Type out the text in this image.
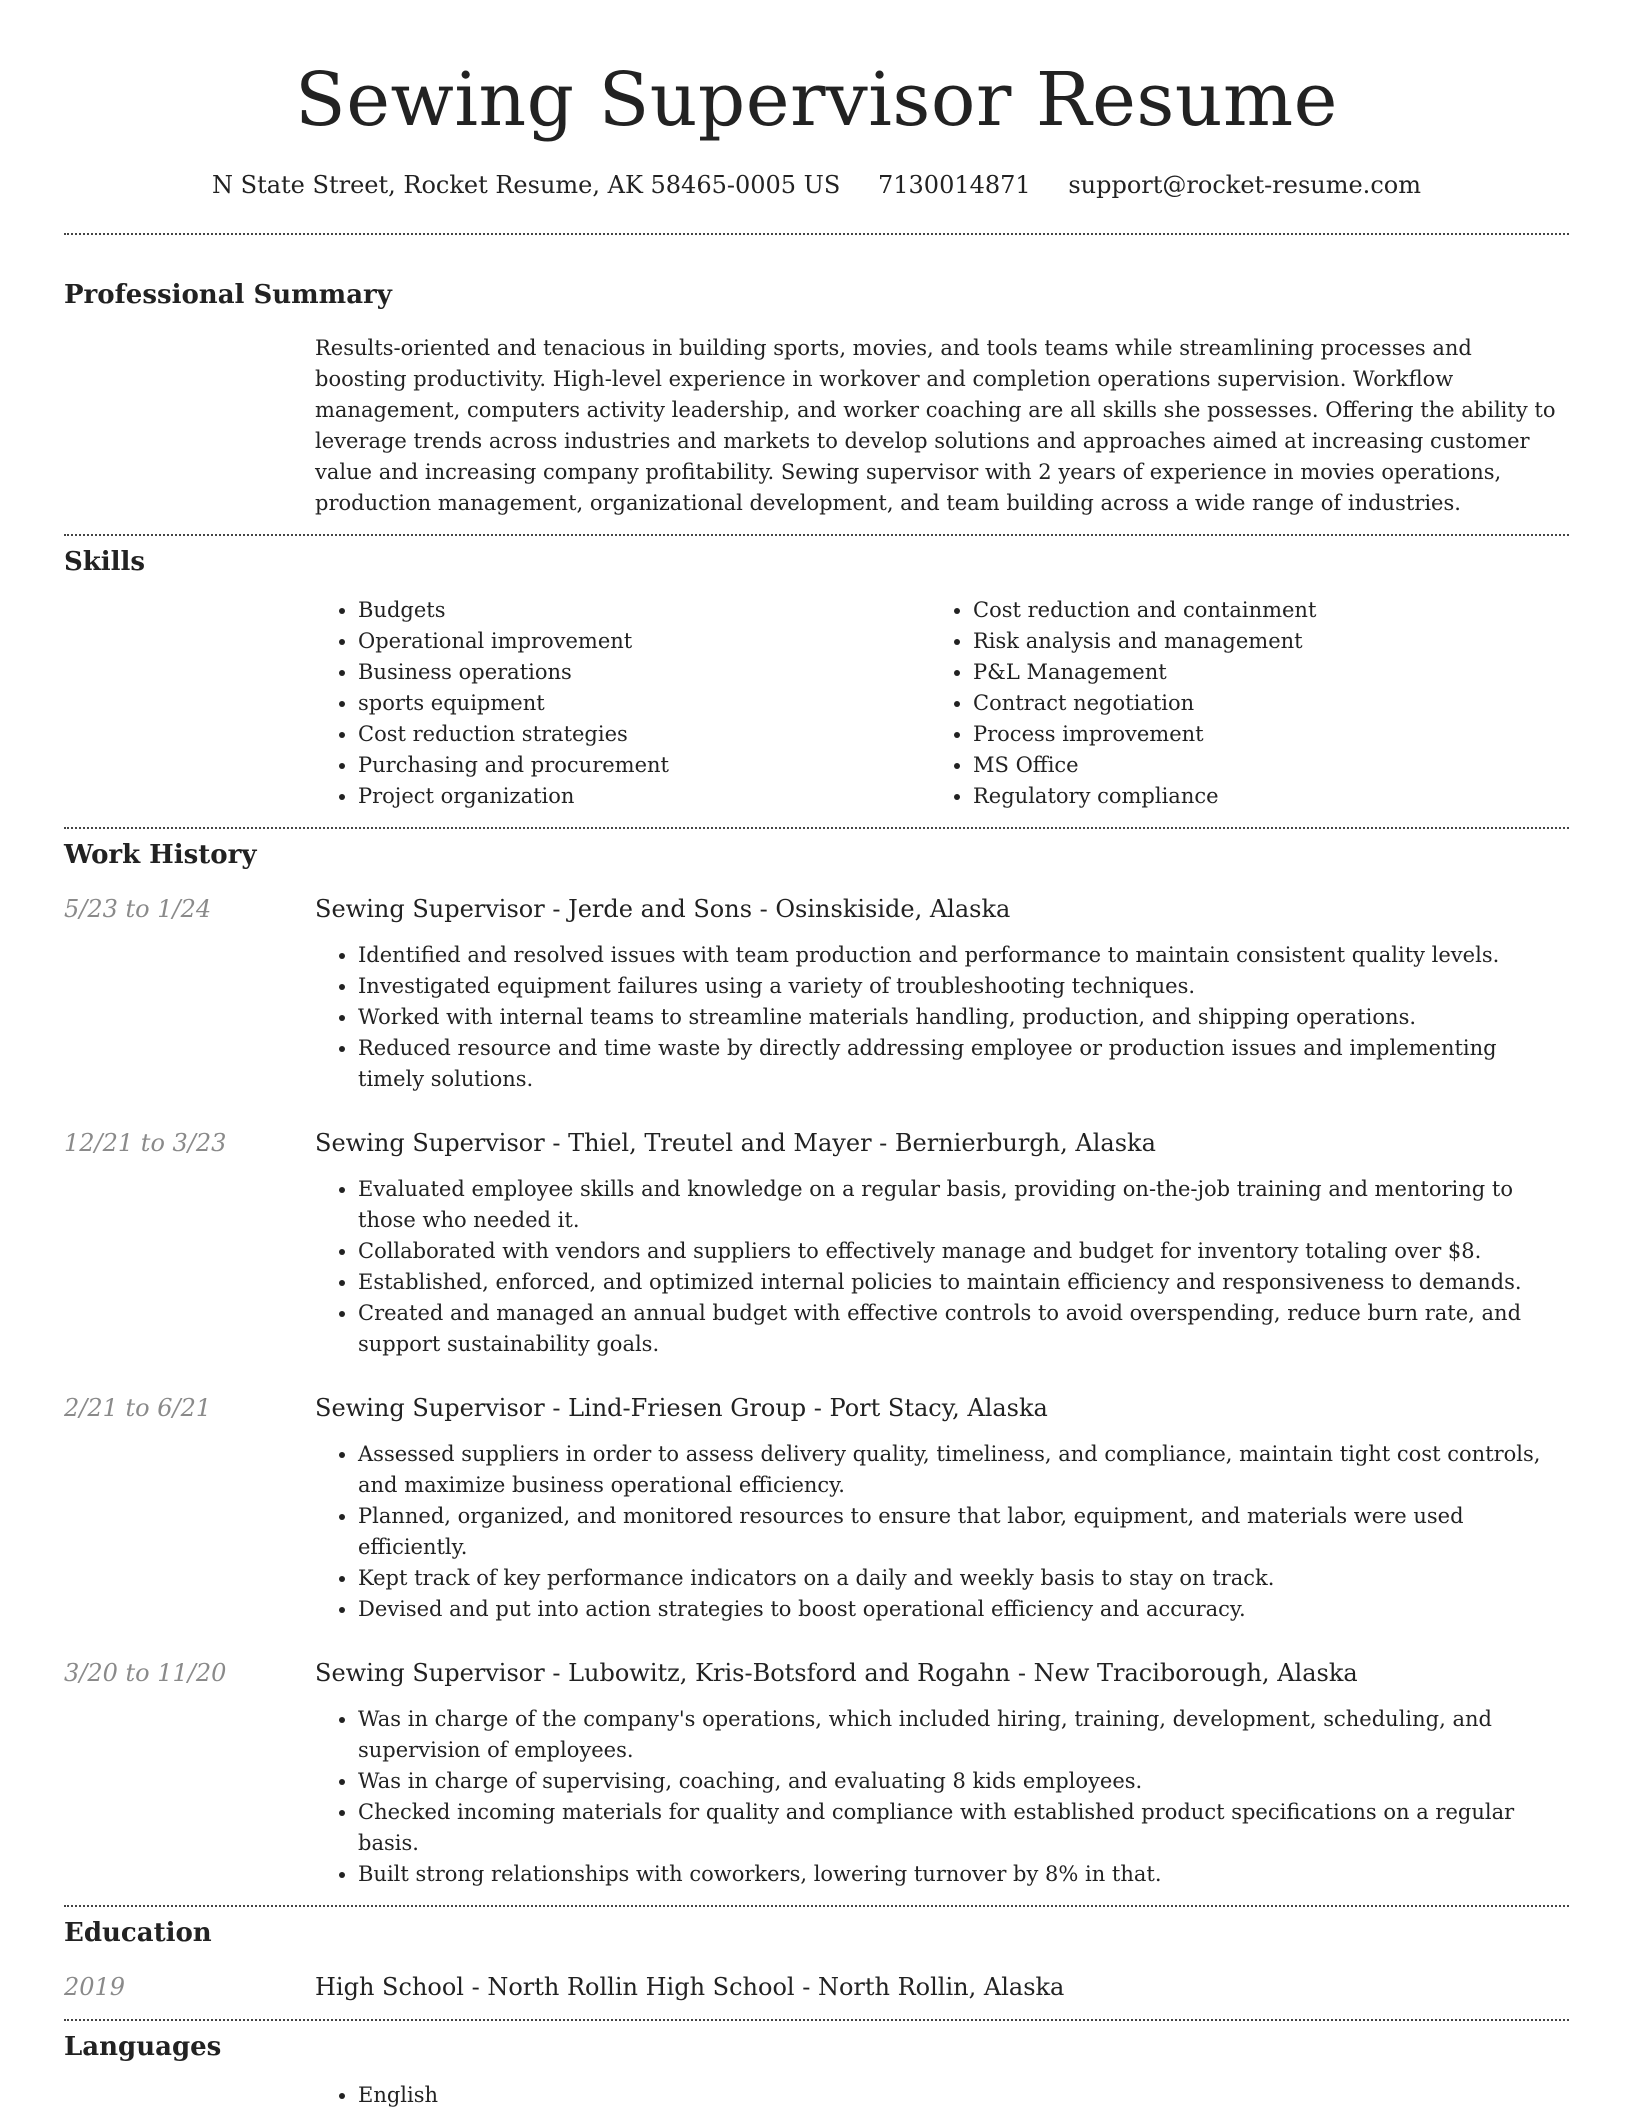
Sewing Supervisor Resume
N State Street, Rocket Resume, AK 58465-0005 US 7130014871 support@rocket-resume.com
Professional Summary
Results-oriented and tenacious in building sports, movies, and tools teams while streamlining processes and boosting productivity. High-level experience in workover and completion operations supervision. Workflow management, computers activity leadership, and worker coaching are all skills she possesses. Offering the ability to leverage trends across industries and markets to develop solutions and approaches aimed at increasing customer value and increasing company profitability. Sewing supervisor with 2 years of experience in movies operations, production management, organizational development, and team building across a wide range of industries.
Skills
• Budgets
• Operational improvement
• Business operations
• sports equipment
• Cost reduction strategies
• Purchasing and procurement
• Project organization
• Cost reduction and containment
• Risk analysis and management
• P&L Management
• Contract negotiation
• Process improvement
• MS Office
• Regulatory compliance
Work History
5/23 to 1/24	Sewing Supervisor - Jerde and Sons - Osinskiside, Alaska
• Identified and resolved issues with team production and performance to maintain consistent quality levels.
• Investigated equipment failures using a variety of troubleshooting techniques.
• Worked with internal teams to streamline materials handling, production, and shipping operations.
• Reduced resource and time waste by directly addressing employee or production issues and implementing timely solutions.
12/21 to 3/23	Sewing Supervisor - Thiel, Treutel and Mayer - Bernierburgh, Alaska
• Evaluated employee skills and knowledge on a regular basis, providing on-the-job training and mentoring to those who needed it.
• Collaborated with vendors and suppliers to effectively manage and budget for inventory totaling over $8.
• Established, enforced, and optimized internal policies to maintain efficiency and responsiveness to demands.
• Created and managed an annual budget with effective controls to avoid overspending, reduce burn rate, and support sustainability goals.
2/21 to 6/21	Sewing Supervisor - Lind-Friesen Group - Port Stacy, Alaska
• Assessed suppliers in order to assess delivery quality, timeliness, and compliance, maintain tight cost controls, and maximize business operational efficiency.
• Planned, organized, and monitored resources to ensure that labor, equipment, and materials were used efficiently.
• Kept track of key performance indicators on a daily and weekly basis to stay on track.
• Devised and put into action strategies to boost operational efficiency and accuracy.
3/20 to 11/20	Sewing Supervisor - Lubowitz, Kris-Botsford and Rogahn - New Traciborough, Alaska
• Was in charge of the company's operations, which included hiring, training, development, scheduling, and supervision of employees.
• Was in charge of supervising, coaching, and evaluating 8 kids employees.
• Checked incoming materials for quality and compliance with established product specifications on a regular basis.
• Built strong relationships with coworkers, lowering turnover by 8% in that.
Education
2019	High School - North Rollin High School - North Rollin, Alaska
Languages
• English
